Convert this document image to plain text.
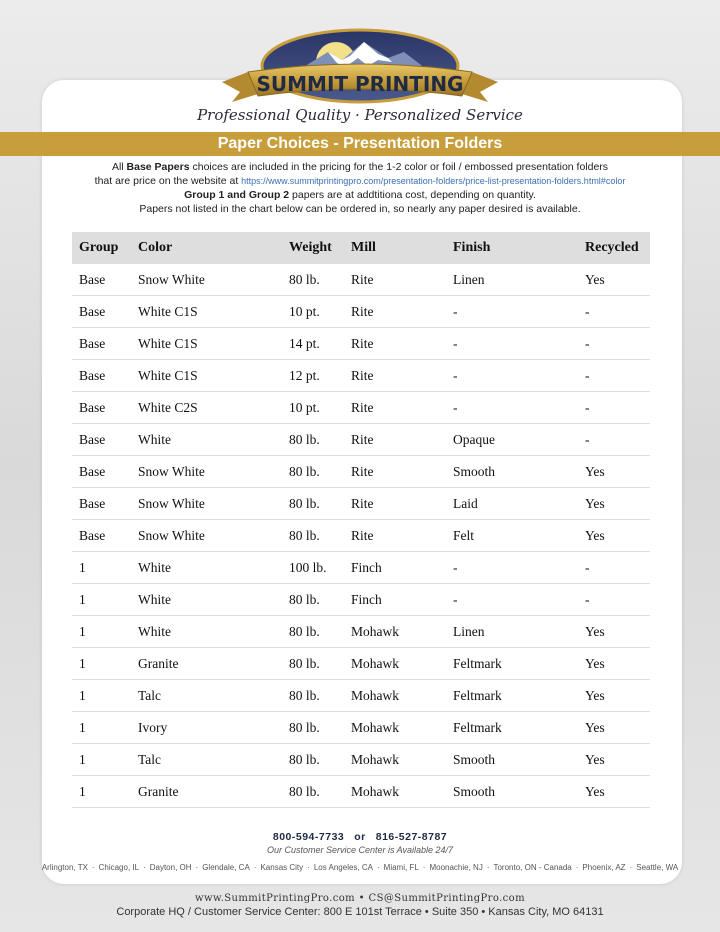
SUMMIT PRINTING
Professional Quality · Personalized Service
Paper Choices - Presentation Folders
All Base Papers choices are included in the pricing for the 1-2 color or foil / embossed presentation folders
that are price on the website at https://www.summitprintingpro.com/presentation-folders/price-list-presentation-folders.html#color
Group 1 and Group 2 papers are at addtitiona cost, depending on quantity.
Papers not listed in the chart below can be ordered in, so nearly any paper desired is available.
Group	Color	Weight	Mill	Finish	Recycled
Base	Snow White	80 lb.	Rite	Linen	Yes
Base	White C1S	10 pt.	Rite	-	-
Base	White C1S	14 pt.	Rite	-	-
Base	White C1S	12 pt.	Rite	-	-
Base	White C2S	10 pt.	Rite	-	-
Base	White	80 lb.	Rite	Opaque	-
Base	Snow White	80 lb.	Rite	Smooth	Yes
Base	Snow White	80 lb.	Rite	Laid	Yes
Base	Snow White	80 lb.	Rite	Felt	Yes
1	White	100 lb.	Finch	-	-
1	White	80 lb.	Finch	-	-
1	White	80 lb.	Mohawk	Linen	Yes
1	Granite	80 lb.	Mohawk	Feltmark	Yes
1	Talc	80 lb.	Mohawk	Feltmark	Yes
1	Ivory	80 lb.	Mohawk	Feltmark	Yes
1	Talc	80 lb.	Mohawk	Smooth	Yes
1	Granite	80 lb.	Mohawk	Smooth	Yes
800-594-7733 or 816-527-8787
Our Customer Service Center is Available 24/7
Arlington, TX · Chicago, IL · Dayton, OH · Glendale, CA · Kansas City · Los Angeles, CA · Miami, FL · Moonachie, NJ · Toronto, ON - Canada · Phoenix, AZ · Seattle, WA
www.SummitPrintingPro.com • CS@SummitPrintingPro.com
Corporate HQ / Customer Service Center: 800 E 101st Terrace • Suite 350 • Kansas City, MO 64131
